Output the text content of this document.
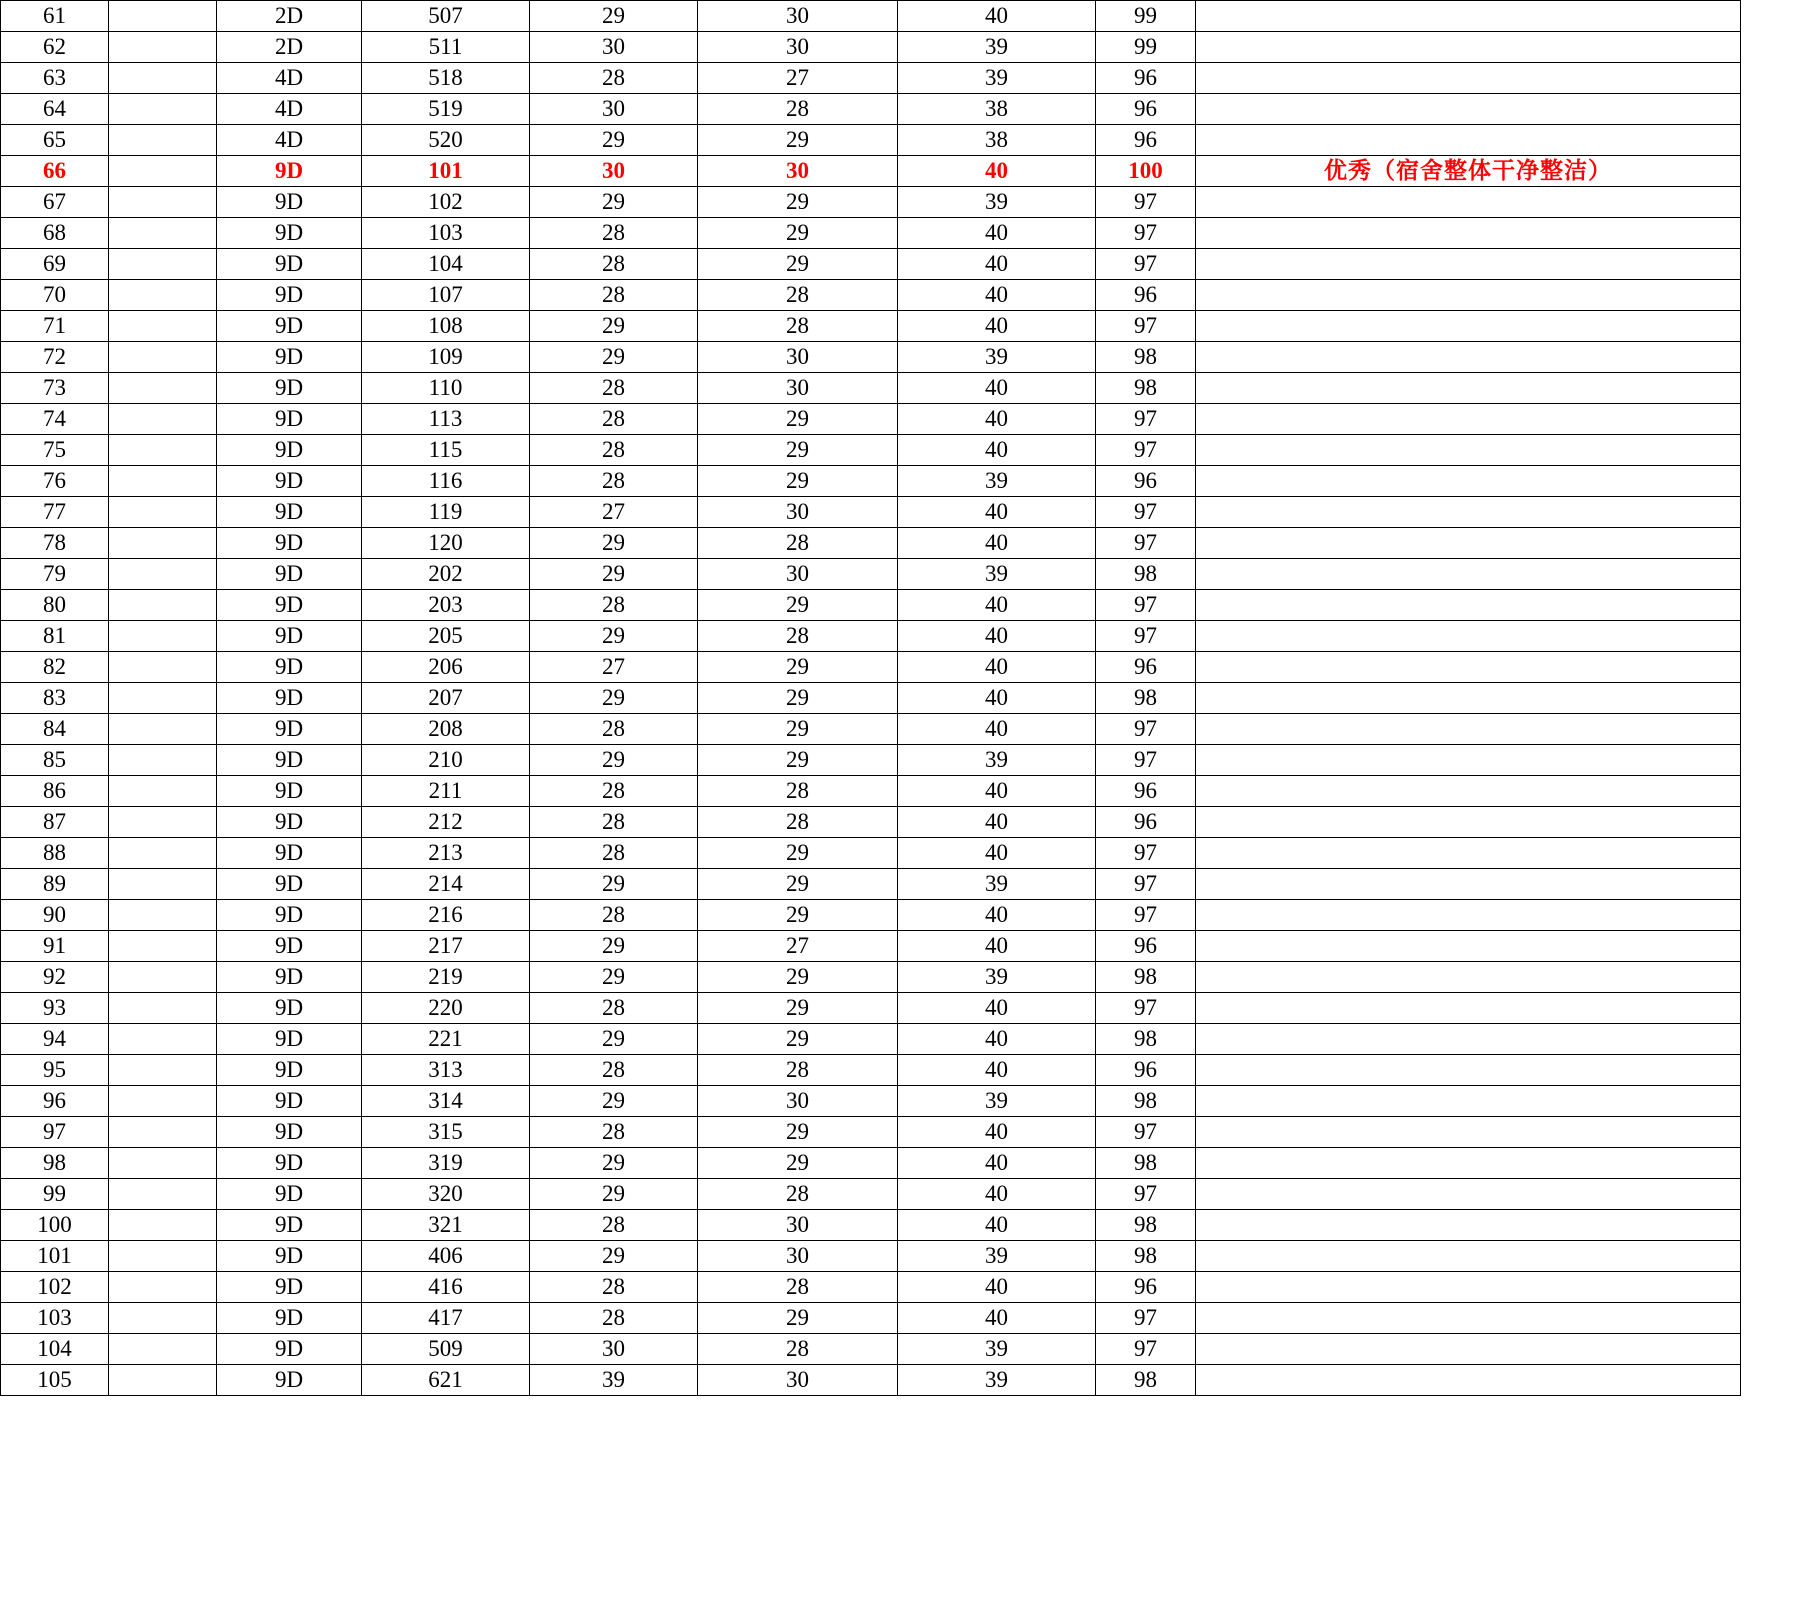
61		2D	507	29	30	40	99	
62		2D	511	30	30	39	99	
63		4D	518	28	27	39	96	
64		4D	519	30	28	38	96	
65		4D	520	29	29	38	96	
66		9D	101	30	30	40	100	优秀（宿舍整体干净整洁）
67		9D	102	29	29	39	97	
68		9D	103	28	29	40	97	
69		9D	104	28	29	40	97	
70		9D	107	28	28	40	96	
71		9D	108	29	28	40	97	
72		9D	109	29	30	39	98	
73		9D	110	28	30	40	98	
74		9D	113	28	29	40	97	
75		9D	115	28	29	40	97	
76		9D	116	28	29	39	96	
77		9D	119	27	30	40	97	
78		9D	120	29	28	40	97	
79		9D	202	29	30	39	98	
80		9D	203	28	29	40	97	
81		9D	205	29	28	40	97	
82		9D	206	27	29	40	96	
83		9D	207	29	29	40	98	
84		9D	208	28	29	40	97	
85		9D	210	29	29	39	97	
86		9D	211	28	28	40	96	
87		9D	212	28	28	40	96	
88		9D	213	28	29	40	97	
89		9D	214	29	29	39	97	
90		9D	216	28	29	40	97	
91		9D	217	29	27	40	96	
92		9D	219	29	29	39	98	
93		9D	220	28	29	40	97	
94		9D	221	29	29	40	98	
95		9D	313	28	28	40	96	
96		9D	314	29	30	39	98	
97		9D	315	28	29	40	97	
98		9D	319	29	29	40	98	
99		9D	320	29	28	40	97	
100		9D	321	28	30	40	98	
101		9D	406	29	30	39	98	
102		9D	416	28	28	40	96	
103		9D	417	28	29	40	97	
104		9D	509	30	28	39	97	
105		9D	621	39	30	39	98	
